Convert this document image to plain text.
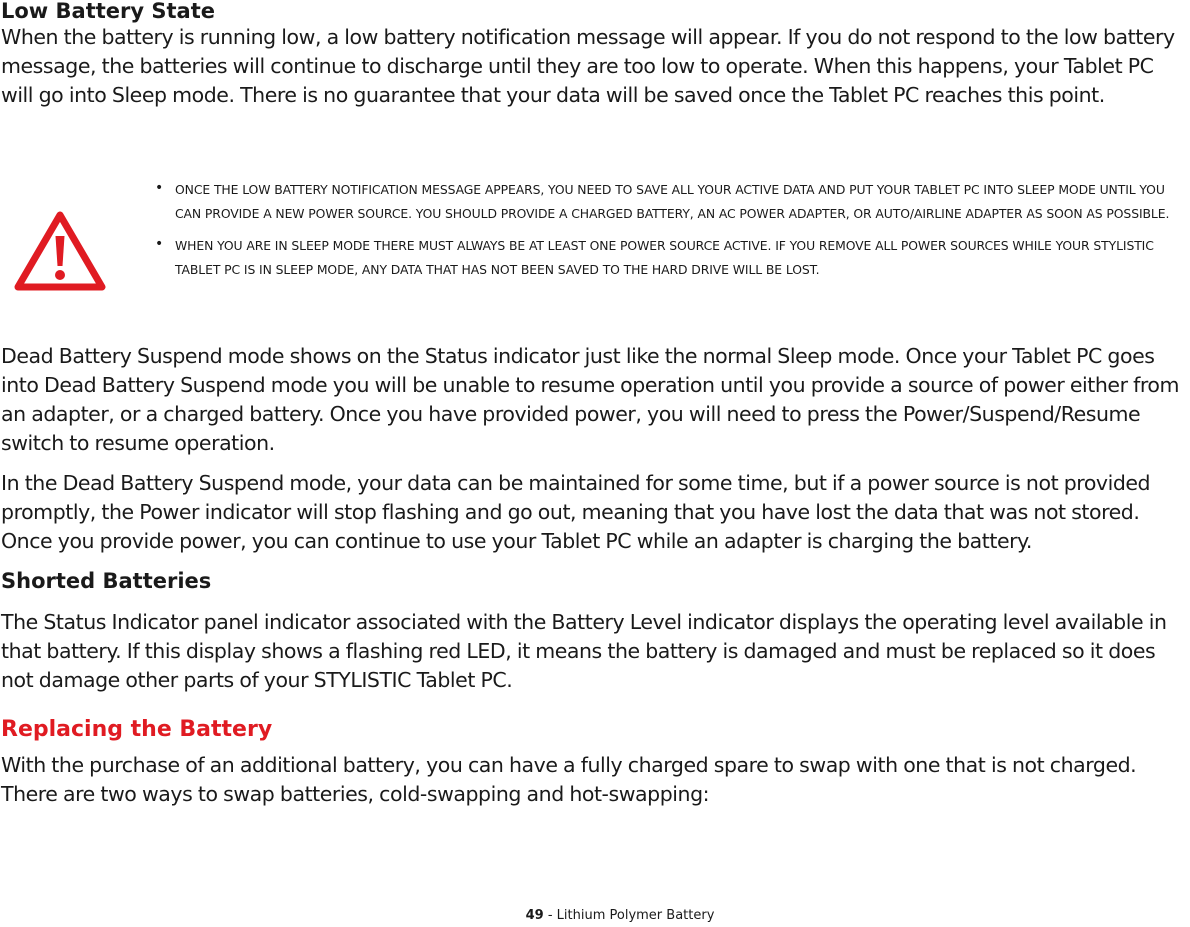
Low Battery State

When the battery is running low, a low battery notification message will appear. If you do not respond to the low battery message, the batteries will continue to discharge until they are too low to operate. When this happens, your Tablet PC will go into Sleep mode. There is no guarantee that your data will be saved once the Tablet PC reaches this point.

• ONCE THE LOW BATTERY NOTIFICATION MESSAGE APPEARS, YOU NEED TO SAVE ALL YOUR ACTIVE DATA AND PUT YOUR TABLET PC INTO SLEEP MODE UNTIL YOU CAN PROVIDE A NEW POWER SOURCE. YOU SHOULD PROVIDE A CHARGED BATTERY, AN AC POWER ADAPTER, OR AUTO/AIRLINE ADAPTER AS SOON AS POSSIBLE.
• WHEN YOU ARE IN SLEEP MODE THERE MUST ALWAYS BE AT LEAST ONE POWER SOURCE ACTIVE. IF YOU REMOVE ALL POWER SOURCES WHILE YOUR STYLISTIC TABLET PC IS IN SLEEP MODE, ANY DATA THAT HAS NOT BEEN SAVED TO THE HARD DRIVE WILL BE LOST.

Dead Battery Suspend mode shows on the Status indicator just like the normal Sleep mode. Once your Tablet PC goes into Dead Battery Suspend mode you will be unable to resume operation until you provide a source of power either from an adapter, or a charged battery. Once you have provided power, you will need to press the Power/Suspend/Resume switch to resume operation.

In the Dead Battery Suspend mode, your data can be maintained for some time, but if a power source is not provided promptly, the Power indicator will stop flashing and go out, meaning that you have lost the data that was not stored. Once you provide power, you can continue to use your Tablet PC while an adapter is charging the battery.

Shorted Batteries

The Status Indicator panel indicator associated with the Battery Level indicator displays the operating level available in that battery. If this display shows a flashing red LED, it means the battery is damaged and must be replaced so it does not damage other parts of your STYLISTIC Tablet PC.

Replacing the Battery

With the purchase of an additional battery, you can have a fully charged spare to swap with one that is not charged. There are two ways to swap batteries, cold-swapping and hot-swapping:

49 - Lithium Polymer Battery
